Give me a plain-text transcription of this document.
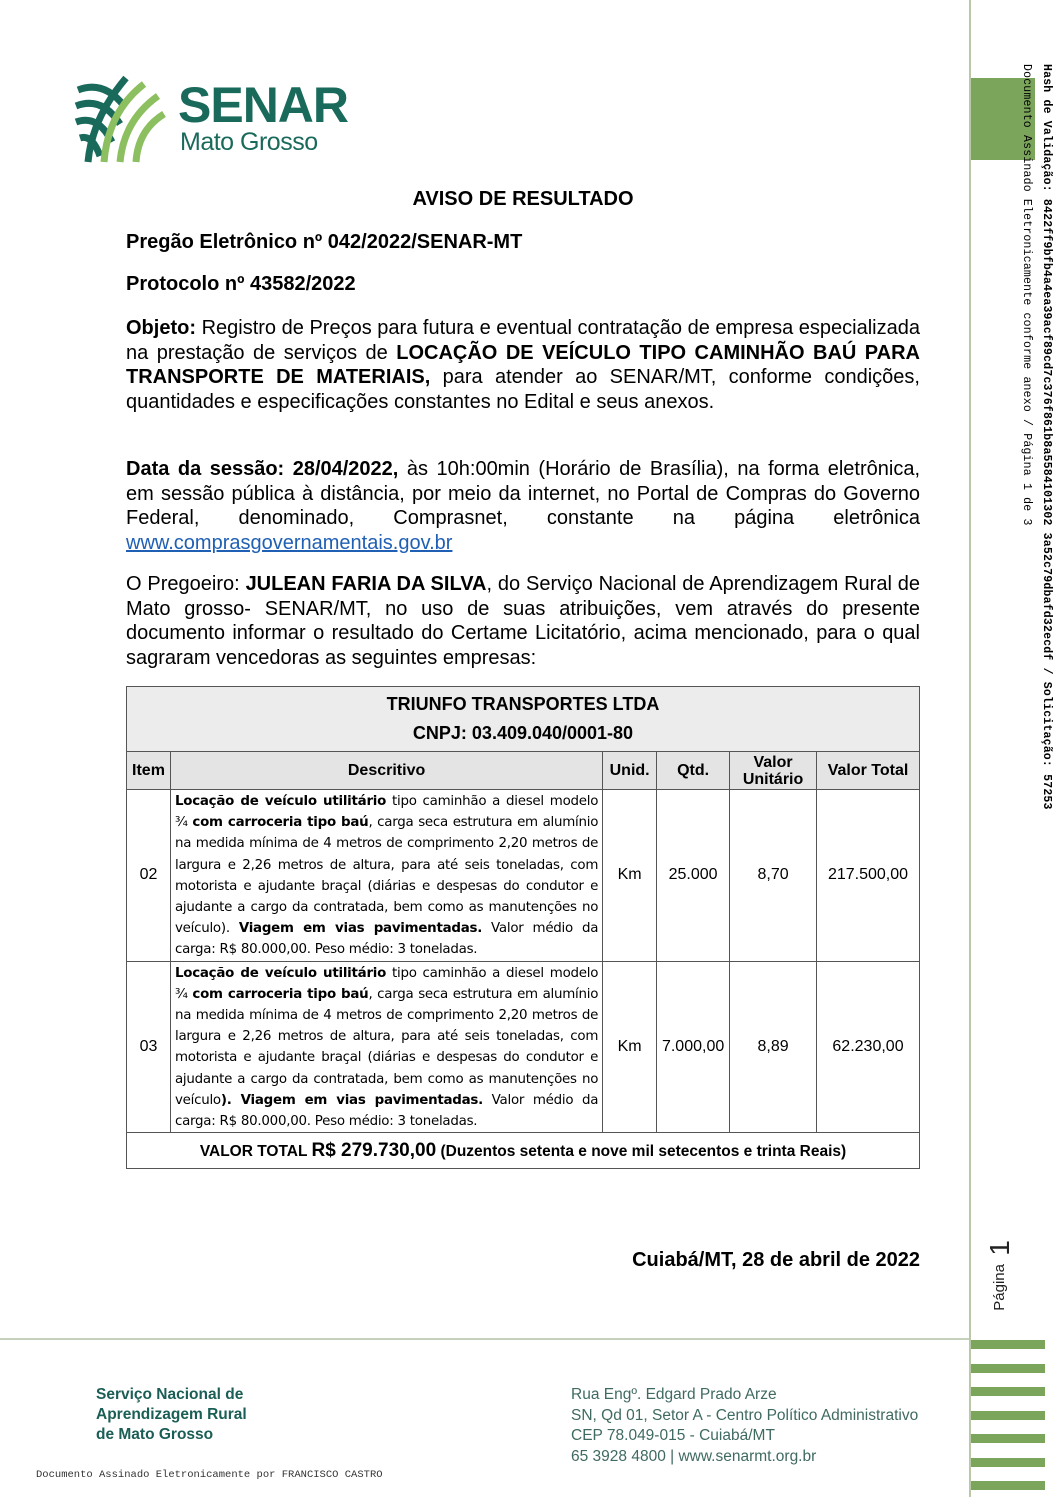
Hash de Validação: 8422ff9bfb4a4ea39acf89cd7c376f861b8a5584101302 3a52c79dbafd32ecdf / Solicitação: 57253
Documento Assinado Eletronicamente conforme anexo / Página 1 de 3
Página 1
SENAR
Mato Grosso
AVISO DE RESULTADO
Pregão Eletrônico nº 042/2022/SENAR-MT
Protocolo nº 43582/2022
Objeto: Registro de Preços para futura e eventual contratação de empresa especializada na prestação de serviços de LOCAÇÃO DE VEÍCULO TIPO CAMINHÃO BAÚ PARA TRANSPORTE DE MATERIAIS, para atender ao SENAR/MT, conforme condições, quantidades e especificações constantes no Edital e seus anexos.
Data da sessão: 28/04/2022, às 10h:00min (Horário de Brasília), na forma eletrônica, em sessão pública à distância, por meio da internet, no Portal de Compras do Governo Federal, denominado, Comprasnet, constante na página eletrônica www.comprasgovernamentais.gov.br
O Pregoeiro: JULEAN FARIA DA SILVA, do Serviço Nacional de Aprendizagem Rural de Mato grosso- SENAR/MT, no uso de suas atribuições, vem através do presente documento informar o resultado do Certame Licitatório, acima mencionado, para o qual sagraram vencedoras as seguintes empresas:
TRIUNFO TRANSPORTES LTDA
CNPJ: 03.409.040/0001-80					

Item	Descritivo	Unid.	Qtd.	Valor Unitário	Valor Total
02	Locação de veículo utilitário tipo caminhão a diesel modelo ¾ com carroceria tipo baú, carga seca estrutura em alumínio na medida mínima de 4 metros de comprimento 2,20 metros de largura e 2,26 metros de altura, para até seis toneladas, com motorista e ajudante braçal (diárias e despesas do condutor e ajudante a cargo da contratada, bem como as manutenções no veículo). Viagem em vias pavimentadas. Valor médio da carga: R$ 80.000,00. Peso médio: 3 toneladas.	Km	25.000	8,70	217.500,00
03	Locação de veículo utilitário tipo caminhão a diesel modelo ¾ com carroceria tipo baú, carga seca estrutura em alumínio na medida mínima de 4 metros de comprimento 2,20 metros de largura e 2,26 metros de altura, para até seis toneladas, com motorista e ajudante braçal (diárias e despesas do condutor e ajudante a cargo da contratada, bem como as manutenções no veículo). Viagem em vias pavimentadas. Valor médio da carga: R$ 80.000,00. Peso médio: 3 toneladas.	Km	7.000,00	8,89	62.230,00
VALOR TOTAL R$ 279.730,00 (Duzentos setenta e nove mil setecentos e trinta Reais)					
Cuiabá/MT, 28 de abril de 2022
Serviço Nacional de
Aprendizagem Rural
de Mato Grosso
Rua Engº. Edgard Prado Arze
SN, Qd 01, Setor A - Centro Político Administrativo
CEP 78.049-015 - Cuiabá/MT
65 3928 4800 | www.senarmt.org.br
Documento Assinado Eletronicamente por FRANCISCO CASTRO
